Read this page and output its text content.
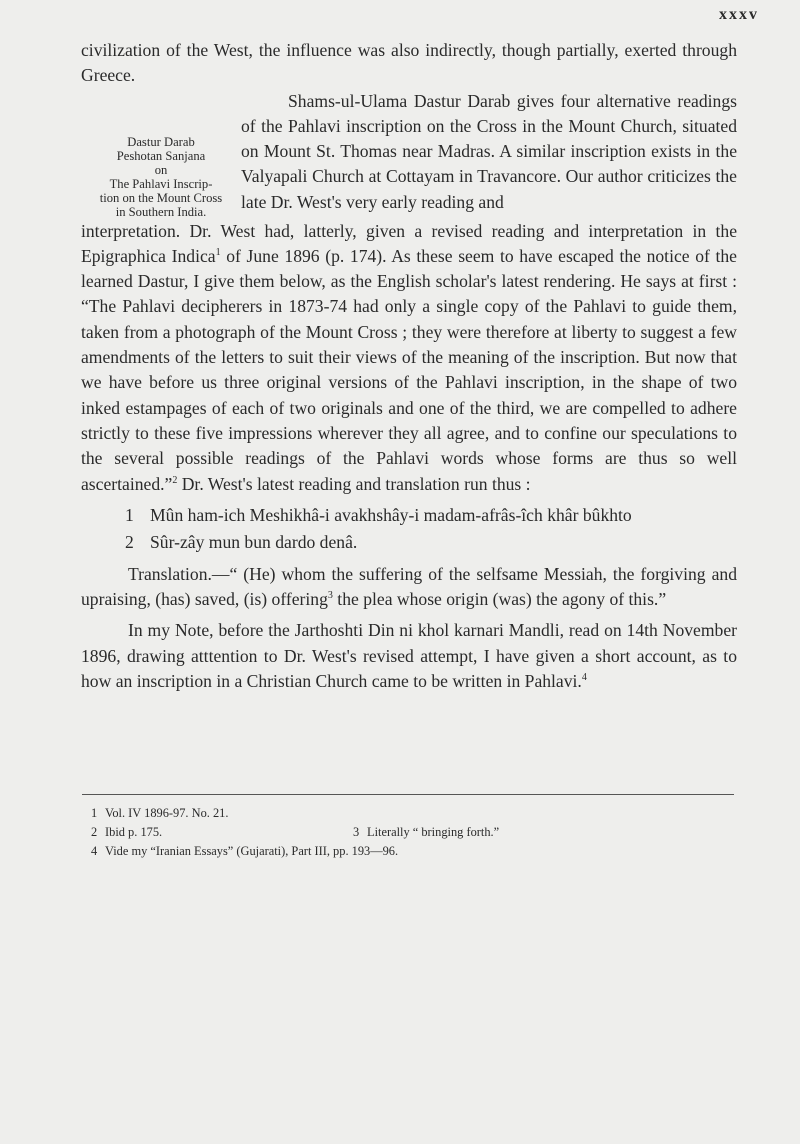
xxxv

civilization of the West, the influence was also indirectly, though partially, exerted through Greece.

Dastur Darab
Peshotan Sanjana
on
The Pahlavi Inscrip-
tion on the Mount Cross
in Southern India.

Shams-ul-Ulama Dastur Darab gives four alternative readings of the Pahlavi inscription on the Cross in the Mount Church, situated on Mount St. Thomas near Madras. A similar inscription exists in the Valyapali Church at Cottayam in Travancore. Our author criticizes the late Dr. West's very early reading and

interpretation. Dr. West had, latterly, given a revised reading and interpretation in the Epigraphica Indica$^1$ of June 1896 (p. 174). As these seem to have escaped the notice of the learned Dastur, I give them below, as the English scholar's latest rendering. He says at first : “The Pahlavi decipherers in 1873-74 had only a single copy of the Pahlavi to guide them, taken from a photograph of the Mount Cross ; they were therefore at liberty to suggest a few amendments of the letters to suit their views of the meaning of the inscription. But now that we have before us three original versions of the Pahlavi inscription, in the shape of two inked estampages of each of two originals and one of the third, we are compelled to adhere strictly to these five impressions wherever they all agree, and to confine our speculations to the several possible readings of the Pahlavi words whose forms are thus so well ascertained.”$^2$ Dr. West's latest reading and translation run thus :

1 Mûn ham-ich Meshikhâ-i avakhshây-i madam-afrâs-îch khâr bûkhto
2 Sûr-zây mun bun dardo denâ.

Translation.—“ (He) whom the suffering of the selfsame Messiah, the forgiving and upraising, (has) saved, (is) offering$^3$ the plea whose origin (was) the agony of this.”

In my Note, before the Jarthoshti Din ni khol karnari Mandli, read on 14th November 1896, drawing atttention to Dr. West's revised attempt, I have given a short account, as to how an inscription in a Christian Church came to be written in Pahlavi.$^4$

1 Vol. IV 1896-97. No. 21.
2 Ibid p. 175.	3 Literally “ bringing forth.”
4 Vide my “Iranian Essays” (Gujarati), Part III, pp. 193—96.
